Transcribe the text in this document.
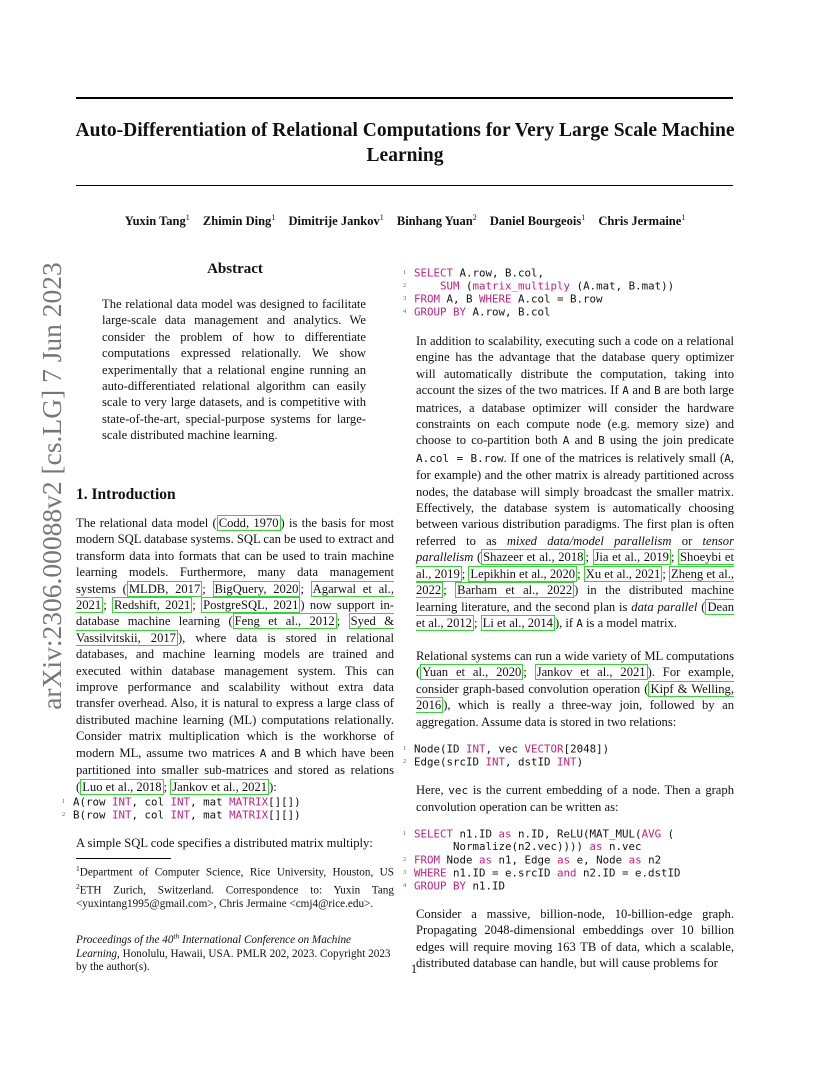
Auto-Differentiation of Relational Computations for Very Large Scale Machine Learning
Yuxin Tang$^1$ Zhimin Ding$^1$ Dimitrije Jankov$^1$ Binhang Yuan$^2$ Daniel Bourgeois$^1$ Chris Jermaine$^1$
arXiv:2306.00088v2 [cs.LG] 7 Jun 2023	Abstract

The relational data model was designed to facilitate large-scale data management and analytics. We consider the problem of how to differentiate computations expressed relationally. We show experimentally that a relational engine running an auto-differentiated relational algorithm can easily scale to very large datasets, and is competitive with state-of-the-art, special-purpose systems for large-scale distributed machine learning.

1. Introduction

The relational data model ( Codd, 1970 ) is the basis for most modern SQL database systems. SQL can be used to extract and transform data into formats that can be used to train machine learning models. Furthermore, many data management systems ( MLDB, 2017 ; BigQuery, 2020 ; Agarwal et al., 2021 ; Redshift, 2021 ; PostgreSQL, 2021 ) now support in-database machine learning ( Feng et al., 2012 ; Syed & Vassilvitskii, 2017 ), where data is stored in relational databases, and machine learning models are trained and executed within database management system. This can improve performance and scalability without extra data transfer overhead. Also, it is natural to express a large class of distributed machine learning (ML) computations relationally. Consider matrix multiplication which is the workhorse of modern ML, assume two matrices A and B which have been partitioned into smaller sub-matrices and stored as relations ( Luo et al., 2018 ; Jankov et al., 2021 ):

1 A(row INT, col INT, mat MATRIX[][])
2 B(row INT, col INT, mat MATRIX[][])

A simple SQL code specifies a distributed matrix multiply:

$^1$Department of Computer Science, Rice University, Houston, US $^2$ETH Zurich, Switzerland. Correspondence to: Yuxin Tang <yuxintang1995@gmail.com>, Chris Jermaine <cmj4@rice.edu>.

Proceedings of the 40th International Conference on Machine Learning, Honolulu, Hawaii, USA. PMLR 202, 2023. Copyright 2023 by the author(s).

1 SELECT A.row, B.col,
2	SUM (matrix_multiply (A.mat, B.mat))
3 FROM A, B WHERE A.col = B.row
4 GROUP BY A.row, B.col

In addition to scalability, executing such a code on a relational engine has the advantage that the database query optimizer will automatically distribute the computation, taking into account the sizes of the two matrices. If A and B are both large matrices, a database optimizer will consider the hardware constraints on each compute node (e.g. memory size) and choose to co-partition both A and B using the join predicate A.col = B.row. If one of the matrices is relatively small (A, for example) and the other matrix is already partitioned across nodes, the database will simply broadcast the smaller matrix. Effectively, the database system is automatically choosing between various distribution paradigms. The first plan is often referred to as mixed data/model parallelism or tensor parallelism ( Shazeer et al., 2018 ; Jia et al., 2019 ; Shoeybi et al., 2019 ; Lepikhin et al., 2020 ; Xu et al., 2021 ; Zheng et al., 2022 ; Barham et al., 2022 ) in the distributed machine learning literature, and the second plan is data parallel ( Dean et al., 2012 ; Li et al., 2014 ), if A is a model matrix.

Relational systems can run a wide variety of ML computations ( Yuan et al., 2020 ; Jankov et al., 2021 ). For example, consider graph-based convolution operation ( Kipf & Welling, 2016 ), which is really a three-way join, followed by an aggregation. Assume data is stored in two relations:

1 Node(ID INT, vec VECTOR[2048])
2 Edge(srcID INT, dstID INT)

Here, vec is the current embedding of a node. Then a graph convolution operation can be written as:

1 SELECT n1.ID as n.ID, ReLU(MAT_MUL(AVG (
Normalize(n2.vec)))) as n.vec
2 FROM Node as n1, Edge as e, Node as n2
3 WHERE n1.ID = e.srcID and n2.ID = e.dstID
4 GROUP BY n1.ID

Consider a massive, billion-node, 10-billion-edge graph. Propagating 2048-dimensional embeddings over 10 billion edges will require moving 163 TB of data, which a scalable, distributed database can handle, but will cause problems for

1
